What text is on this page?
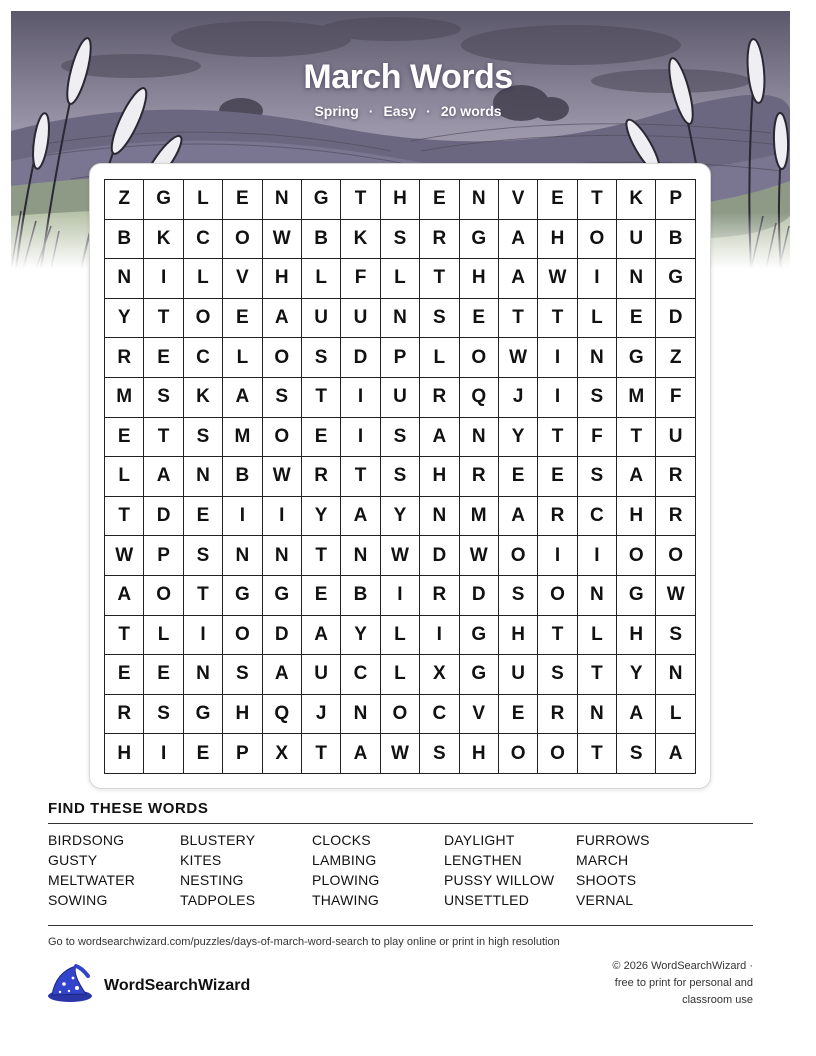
March Words
Spring · Easy · 20 words
Z	G	L	E	N	G	T	H	E	N	V	E	T	K	P
B	K	C	O	W	B	K	S	R	G	A	H	O	U	B
N	I	L	V	H	L	F	L	T	H	A	W	I	N	G
Y	T	O	E	A	U	U	N	S	E	T	T	L	E	D
R	E	C	L	O	S	D	P	L	O	W	I	N	G	Z
M	S	K	A	S	T	I	U	R	Q	J	I	S	M	F
E	T	S	M	O	E	I	S	A	N	Y	T	F	T	U
L	A	N	B	W	R	T	S	H	R	E	E	S	A	R
T	D	E	I	I	Y	A	Y	N	M	A	R	C	H	R
W	P	S	N	N	T	N	W	D	W	O	I	I	O	O
A	O	T	G	G	E	B	I	R	D	S	O	N	G	W
T	L	I	O	D	A	Y	L	I	G	H	T	L	H	S
E	E	N	S	A	U	C	L	X	G	U	S	T	Y	N
R	S	G	H	Q	J	N	O	C	V	E	R	N	A	L
H	I	E	P	X	T	A	W	S	H	O	O	T	S	A
FIND THESE WORDS
BIRDSONG	BLUSTERY	CLOCKS	DAYLIGHT	FURROWS
GUSTY	KITES	LAMBING	LENGTHEN	MARCH
MELTWATER	NESTING	PLOWING	PUSSY WILLOW	SHOOTS
SOWING	TADPOLES	THAWING	UNSETTLED	VERNAL
Go to wordsearchwizard.com/puzzles/days-of-march-word-search to play online or print in high resolution
WordSearchWizard
© 2026 WordSearchWizard · free to print for personal and classroom use
